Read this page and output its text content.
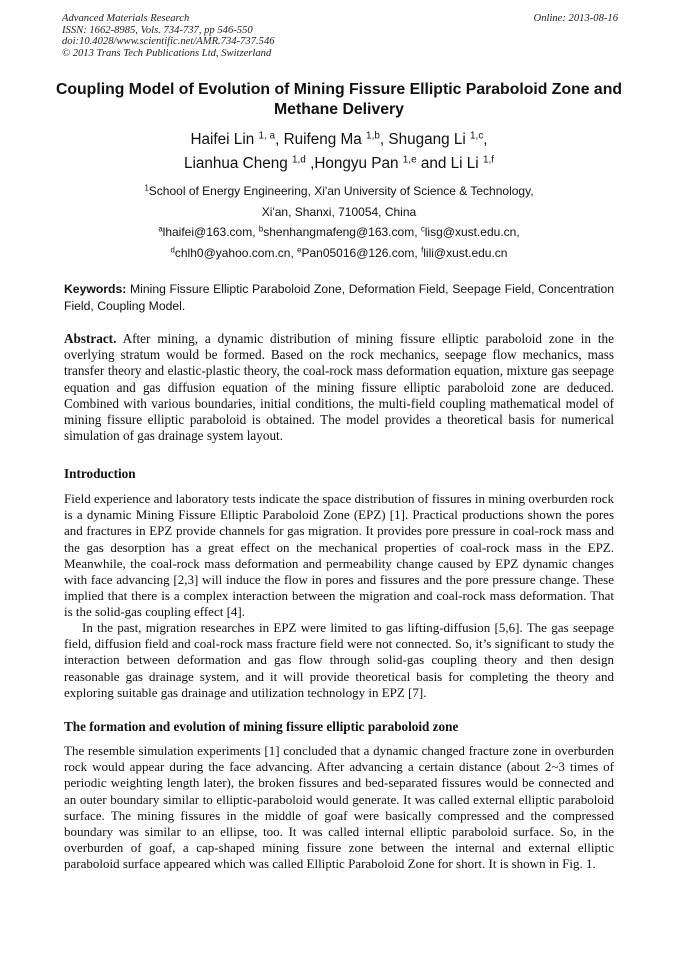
Advanced Materials Research
ISSN: 1662-8985, Vols. 734-737, pp 546-550
doi:10.4028/www.scientific.net/AMR.734-737.546
© 2013 Trans Tech Publications Ltd, Switzerland
Online: 2013-08-16
Coupling Model of Evolution of Mining Fissure Elliptic Paraboloid Zone and Methane Delivery
Haifei Lin $^{1, a}$, Ruifeng Ma $^{1,b}$, Shugang Li $^{1,c}$,
Lianhua Cheng $^{1,d}$ ,Hongyu Pan $^{1,e}$ and Li Li $^{1,f}$
$^1$School of Energy Engineering, Xi'an University of Science & Technology,
Xi'an, Shanxi, 710054, China
$^a$lhaifei@163.com, $^b$shenhangmafeng@163.com, $^c$lisg@xust.edu.cn,
$^d$chlh0@yahoo.com.cn, $^e$Pan05016@126.com, $^f$lili@xust.edu.cn
Keywords: Mining Fissure Elliptic Paraboloid Zone, Deformation Field, Seepage Field, Concentration Field, Coupling Model.
Abstract. After mining, a dynamic distribution of mining fissure elliptic paraboloid zone in the overlying stratum would be formed. Based on the rock mechanics, seepage flow mechanics, mass transfer theory and elastic-plastic theory, the coal-rock mass deformation equation, mixture gas seepage equation and gas diffusion equation of the mining fissure elliptic paraboloid zone are deduced. Combined with various boundaries, initial conditions, the multi-field coupling mathematical model of mining fissure elliptic paraboloid is obtained. The model provides a theoretical basis for numerical simulation of gas drainage system layout.
Introduction
Field experience and laboratory tests indicate the space distribution of fissures in mining overburden rock is a dynamic Mining Fissure Elliptic Paraboloid Zone (EPZ) [1]. Practical productions shown the pores and fractures in EPZ provide channels for gas migration. It provides pore pressure in coal-rock mass and the gas desorption has a great effect on the mechanical properties of coal-rock mass in the EPZ. Meanwhile, the coal-rock mass deformation and permeability change caused by EPZ dynamic changes with face advancing [2,3] will induce the flow in pores and fissures and the pore pressure change. These implied that there is a complex interaction between the migration and coal-rock mass deformation. That is the solid-gas coupling effect [4].
In the past, migration researches in EPZ were limited to gas lifting-diffusion [5,6]. The gas seepage field, diffusion field and coal-rock mass fracture field were not connected. So, it’s significant to study the interaction between deformation and gas flow through solid-gas coupling theory and then design reasonable gas drainage system, and it will provide theoretical basis for completing the theory and exploring suitable gas drainage and utilization technology in EPZ [7].
The formation and evolution of mining fissure elliptic paraboloid zone
The resemble simulation experiments [1] concluded that a dynamic changed fracture zone in overburden rock would appear during the face advancing. After advancing a certain distance (about 2~3 times of periodic weighting length later), the broken fissures and bed-separated fissures would be connected and an outer boundary similar to elliptic-paraboloid would generate. It was called external elliptic paraboloid surface. The mining fissures in the middle of goaf were basically compressed and the compressed boundary was similar to an ellipse, too. It was called internal elliptic paraboloid surface. So, in the overburden of goaf, a cap-shaped mining fissure zone between the internal and external elliptic paraboloid surface appeared which was called Elliptic Paraboloid Zone for short. It is shown in Fig. 1.
